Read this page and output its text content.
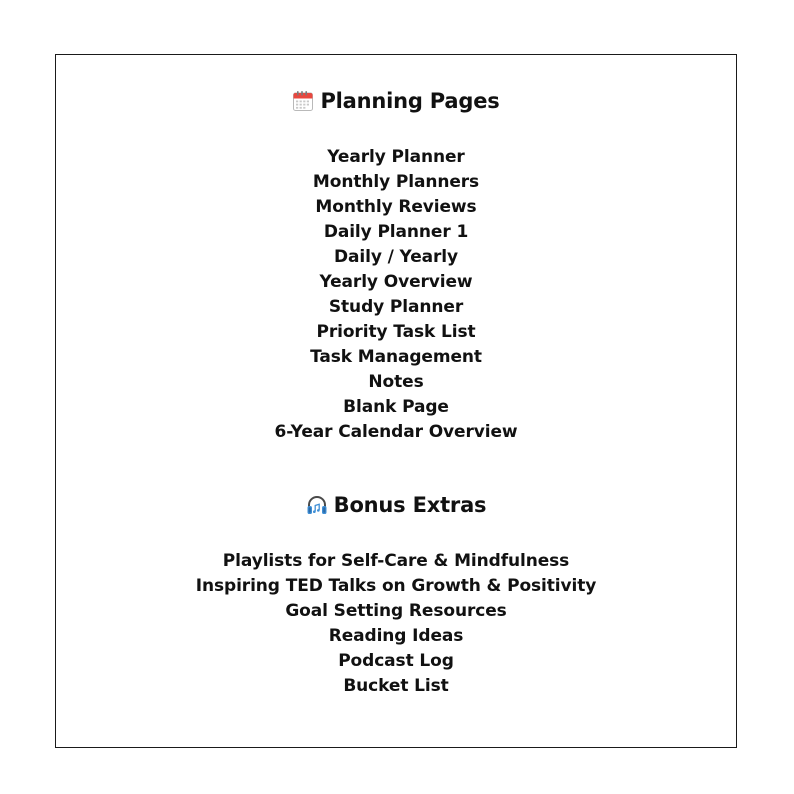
Planning Pages
Yearly Planner
Monthly Planners
Monthly Reviews
Daily Planner 1
Daily / Yearly
Yearly Overview
Study Planner
Priority Task List
Task Management
Notes
Blank Page
6-Year Calendar Overview
Bonus Extras
Playlists for Self-Care & Mindfulness
Inspiring TED Talks on Growth & Positivity
Goal Setting Resources
Reading Ideas
Podcast Log
Bucket List
